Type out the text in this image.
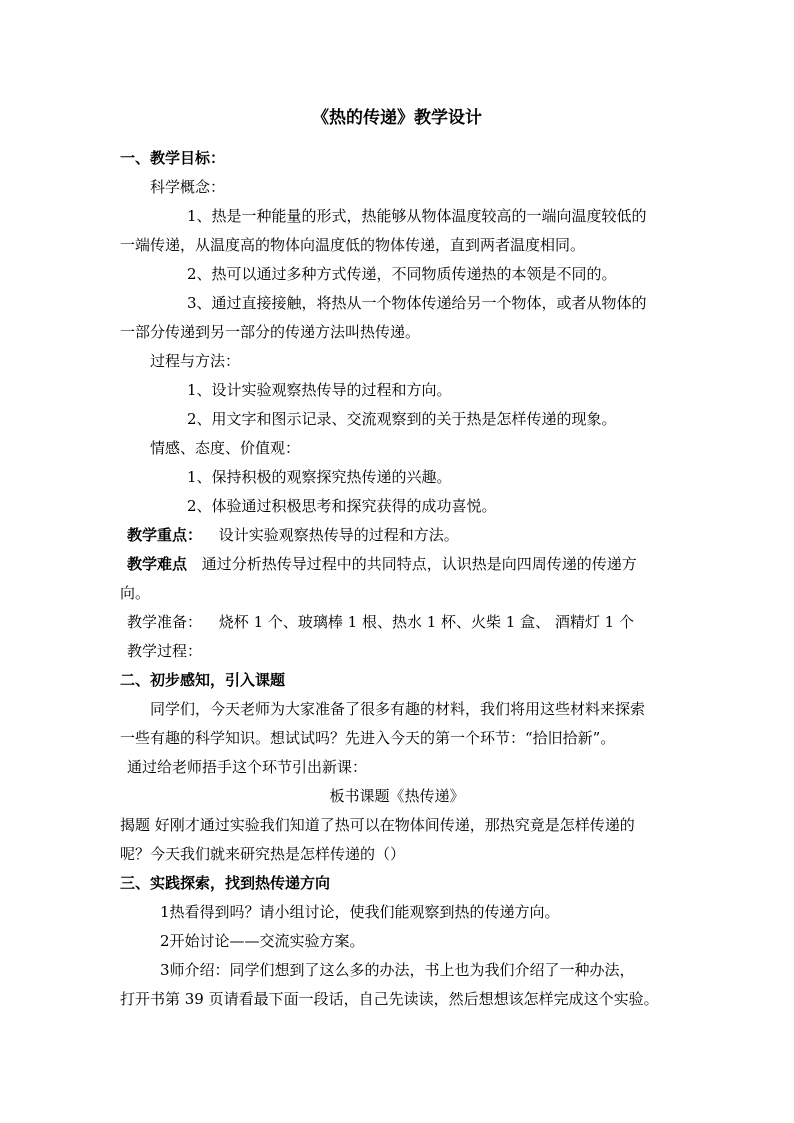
《热的传递》教学设计
一、教学目标：
科学概念：
1、热是一种能量的形式，热能够从物体温度较高的一端向温度较低的
一端传递，从温度高的物体向温度低的物体传递，直到两者温度相同。
2、热可以通过多种方式传递，不同物质传递热的本领是不同的。
3、通过直接接触，将热从一个物体传递给另一个物体，或者从物体的
一部分传递到另一部分的传递方法叫热传递。
过程与方法：
1、设计实验观察热传导的过程和方向。
2、用文字和图示记录、交流观察到的关于热是怎样传递的现象。
情感、态度、价值观：
1、保持积极的观察探究热传递的兴趣。
2、体验通过积极思考和探究获得的成功喜悦。
教学重点： 设计实验观察热传导的过程和方法。
教学难点 通过分析热传导过程中的共同特点，认识热是向四周传递的传递方
向。
教学准备： 烧杯 1 个、玻璃棒 1 根、热水 1 杯、火柴 1 盒、 酒精灯 1 个
教学过程：
二、初步感知，引入课题
同学们，今天老师为大家准备了很多有趣的材料，我们将用这些材料来探索
一些有趣的科学知识。想试试吗？先进入今天的第一个环节：“拾旧拾新”。
通过给老师捂手这个环节引出新课：
板书课题《热传递》
揭题 好刚才通过实验我们知道了热可以在物体间传递，那热究竟是怎样传递的
呢？今天我们就来研究热是怎样传递的（）
三、实践探索，找到热传递方向
1热看得到吗？请小组讨论，使我们能观察到热的传递方向。
2开始讨论——交流实验方案。
3师介绍：同学们想到了这么多的办法，书上也为我们介绍了一种办法，
打开书第 39 页请看最下面一段话，自己先读读，然后想想该怎样完成这个实验。
